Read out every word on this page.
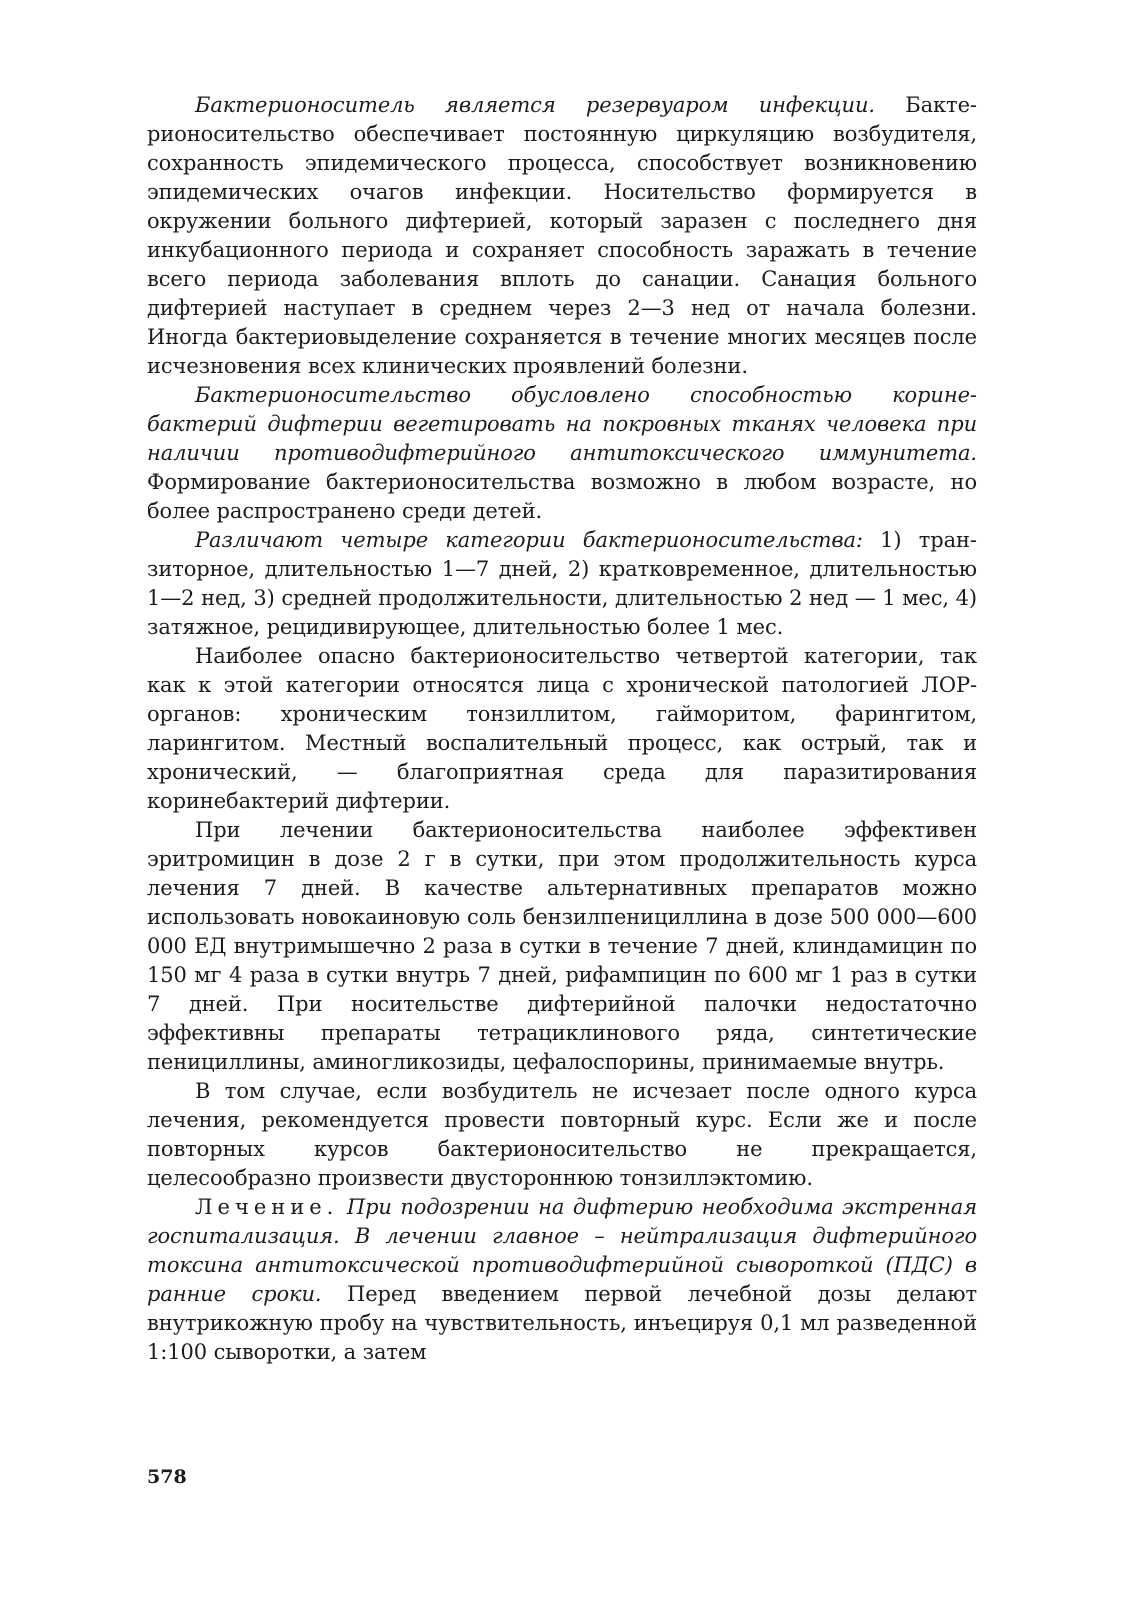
Бактерионоситель является резервуаром инфекции. Бактерионосительство обеспечивает постоянную циркуляцию возбудителя, сохранность эпидемического процесса, способствует возникновению эпидемических очагов инфекции. Носительство формируется в окружении больного дифтерией, который заразен с последнего дня инкубационного периода и сохраняет способность заражать в течение всего периода заболевания вплоть до санации. Санация больного дифтерией наступает в среднем через 2—3 нед от начала болезни. Иногда бактериовыделение сохраняется в течение многих месяцев после исчезновения всех клинических проявлений болезни.

Бактерионосительство обусловлено способностью коринебактерий дифтерии вегетировать на покровных тканях человека при наличии противодифтерийного антитоксического иммунитета. Формирование бактерионосительства возможно в любом возрасте, но более распространено среди детей.

Различают четыре категории бактерионосительства: 1) транзиторное, длительностью 1—7 дней, 2) кратковременное, длительностью 1—2 нед, 3) средней продолжительности, длительностью 2 нед — 1 мес, 4) затяжное, рецидивирующее, длительностью более 1 мес.

Наиболее опасно бактерионосительство четвертой категории, так как к этой категории относятся лица с хронической патологией ЛОР-органов: хроническим тонзиллитом, гайморитом, фарингитом, ларингитом. Местный воспалительный процесс, как острый, так и хронический, — благоприятная среда для паразитирования коринебактерий дифтерии.

При лечении бактерионосительства наиболее эффективен эритромицин в дозе 2 г в сутки, при этом продолжительность курса лечения 7 дней. В качестве альтернативных препаратов можно использовать новокаиновую соль бензилпенициллина в дозе 500 000—600 000 ЕД внутримышечно 2 раза в сутки в течение 7 дней, клиндамицин по 150 мг 4 раза в сутки внутрь 7 дней, рифампицин по 600 мг 1 раз в сутки 7 дней. При носительстве дифтерийной палочки недостаточно эффективны препараты тетрациклинового ряда, синтетические пенициллины, аминогликозиды, цефалоспорины, принимаемые внутрь.

В том случае, если возбудитель не исчезает после одного курса лечения, рекомендуется провести повторный курс. Если же и после повторных курсов бактерионосительство не прекращается, целесообразно произвести двустороннюю тонзиллэктомию.

Лечение. При подозрении на дифтерию необходима экстренная госпитализация. В лечении главное – нейтрализация дифтерийного токсина антитоксической противодифтерийной сывороткой (ПДС) в ранние сроки. Перед введением первой лечебной дозы делают внутрикожную пробу на чувствительность, инъецируя 0,1 мл разведенной 1:100 сыворотки, а затем

578
